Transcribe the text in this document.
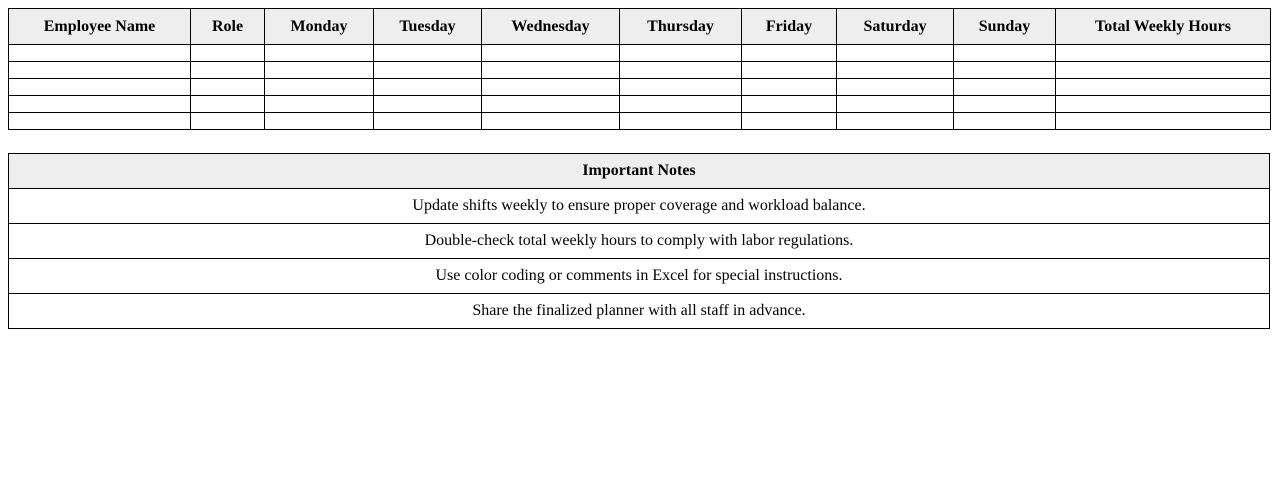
Employee Name	Role	Monday	Tuesday	Wednesday	Thursday	Friday	Saturday	Sunday	Total Weekly Hours

Important Notes
Update shifts weekly to ensure proper coverage and workload balance.
Double-check total weekly hours to comply with labor regulations.
Use color coding or comments in Excel for special instructions.
Share the finalized planner with all staff in advance.
